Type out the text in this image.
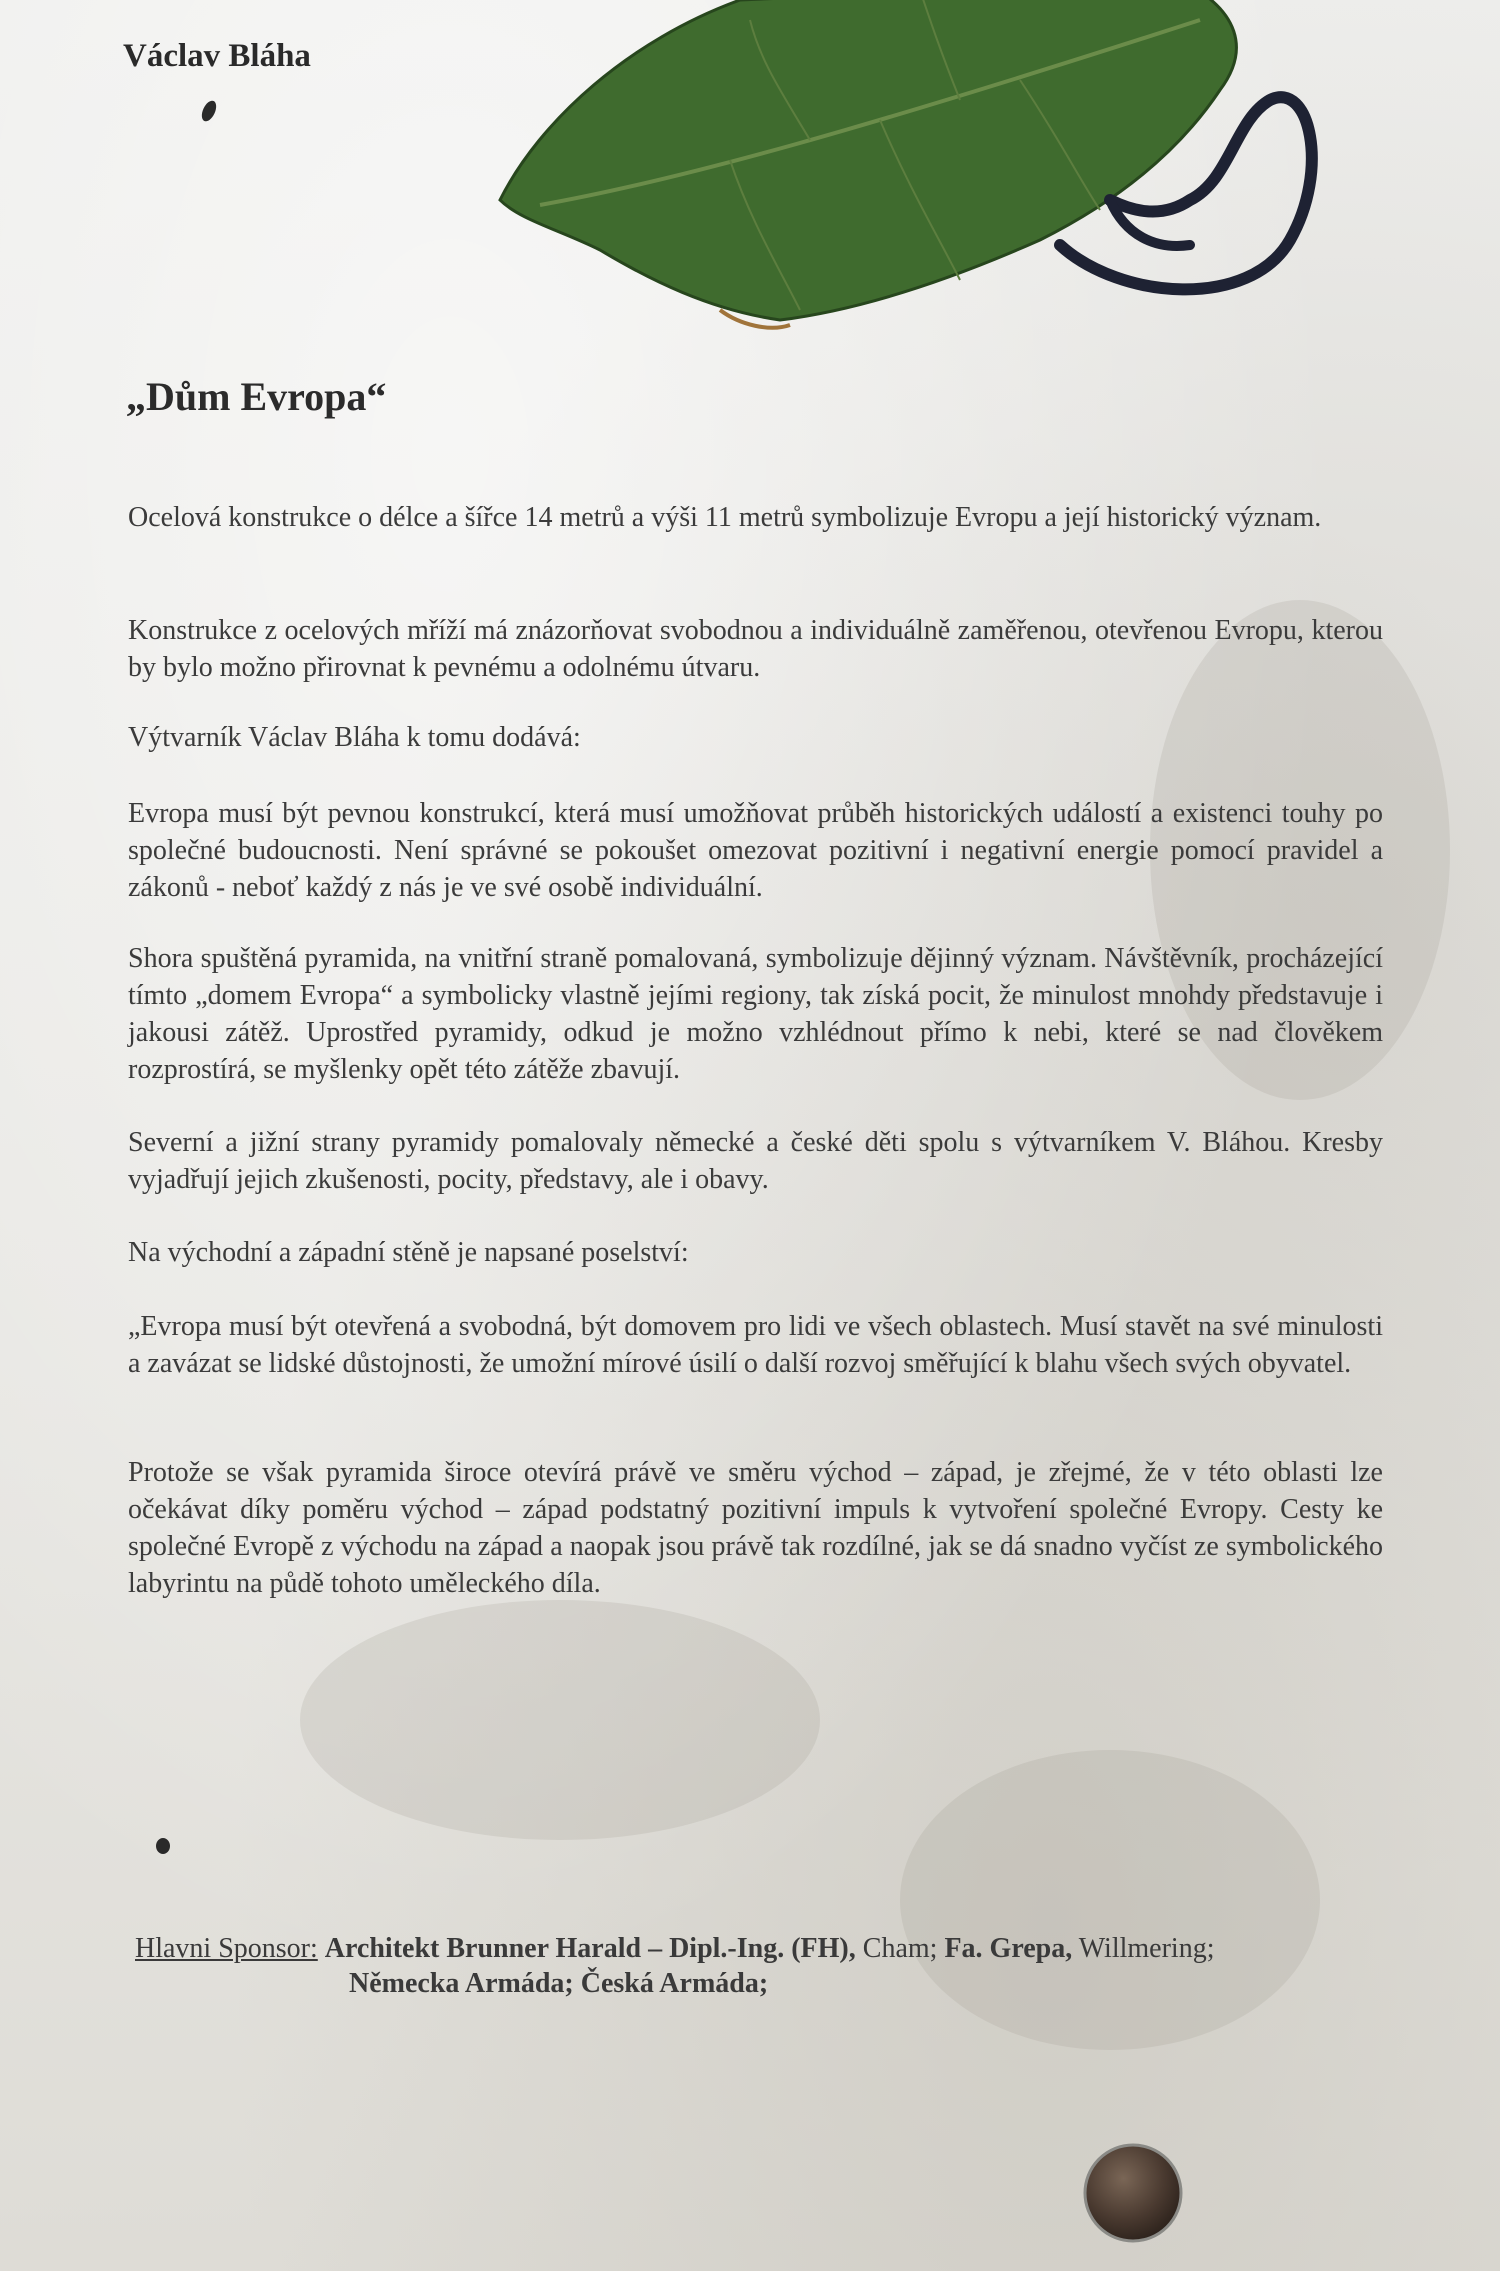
Václav Bláha
„Dům Evropa“
Ocelová konstrukce o délce a šířce 14 metrů a výši 11 metrů symbolizuje Evropu a její historický význam.
Konstrukce z ocelových mříží má znázorňovat svobodnou a individuálně zaměřenou, otevřenou Evropu, kterou by bylo možno přirovnat k pevnému a odolnému útvaru.
Výtvarník Václav Bláha k tomu dodává:
Evropa musí být pevnou konstrukcí, která musí umožňovat průběh historických událostí a existenci touhy po společné budoucnosti. Není správné se pokoušet omezovat pozitivní i negativní energie pomocí pravidel a zákonů - neboť každý z nás je ve své osobě individuální.
Shora spuštěná pyramida, na vnitřní straně pomalovaná, symbolizuje dějinný význam. Návštěvník, procházející tímto „domem Evropa“ a symbolicky vlastně jejími regiony, tak získá pocit, že minulost mnohdy představuje i jakousi zátěž. Uprostřed pyramidy, odkud je možno vzhlédnout přímo k nebi, které se nad člověkem rozprostírá, se myšlenky opět této zátěže zbavují.
Severní a jižní strany pyramidy pomalovaly německé a české děti spolu s výtvarníkem V. Bláhou. Kresby vyjadřují jejich zkušenosti, pocity, představy, ale i obavy.
Na východní a západní stěně je napsané poselství:
„Evropa musí být otevřená a svobodná, být domovem pro lidi ve všech oblastech. Musí stavět na své minulosti a zavázat se lidské důstojnosti, že umožní mírové úsilí o další rozvoj směřující k blahu všech svých obyvatel.
Protože se však pyramida široce otevírá právě ve směru východ – západ, je zřejmé, že v této oblasti lze očekávat díky poměru východ – západ podstatný pozitivní impuls k vytvoření společné Evropy. Cesty ke společné Evropě z východu na západ a naopak jsou právě tak rozdílné, jak se dá snadno vyčíst ze symbolického labyrintu na půdě tohoto uměleckého díla.
Hlavni Sponsor: Architekt Brunner Harald – Dipl.-Ing. (FH), Cham; Fa. Grepa, Willmering;
Německa Armáda; Česká Armáda;
